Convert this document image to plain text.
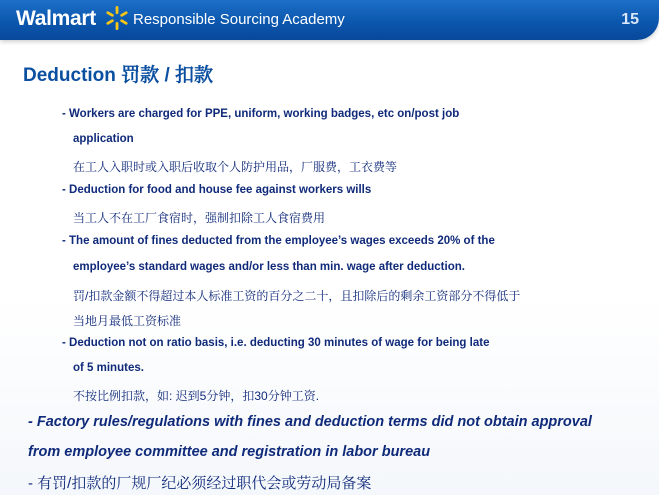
Walmart Responsible Sourcing Academy	15
Deduction 罚款 / 扣款
- Workers are charged for PPE, uniform, working badges, etc on/post job
application
在工人入职时或入职后收取个人防护用品，厂服费，工衣费等
- Deduction for food and house fee against workers wills
当工人不在工厂食宿时，强制扣除工人食宿费用
- The amount of fines deducted from the employee’s wages exceeds 20% of the
employee’s standard wages and/or less than min. wage after deduction.
罚/扣款金额不得超过本人标准工资的百分之二十，且扣除后的剩余工资部分不得低于
当地月最低工资标准
- Deduction not on ratio basis, i.e. deducting 30 minutes of wage for being late
of 5 minutes.
不按比例扣款，如: 迟到5分钟，扣30分钟工资.
- Factory rules/regulations with fines and deduction terms did not obtain approval
from employee committee and registration in labor bureau
- 有罚/扣款的厂规厂纪必须经过职代会或劳动局备案
